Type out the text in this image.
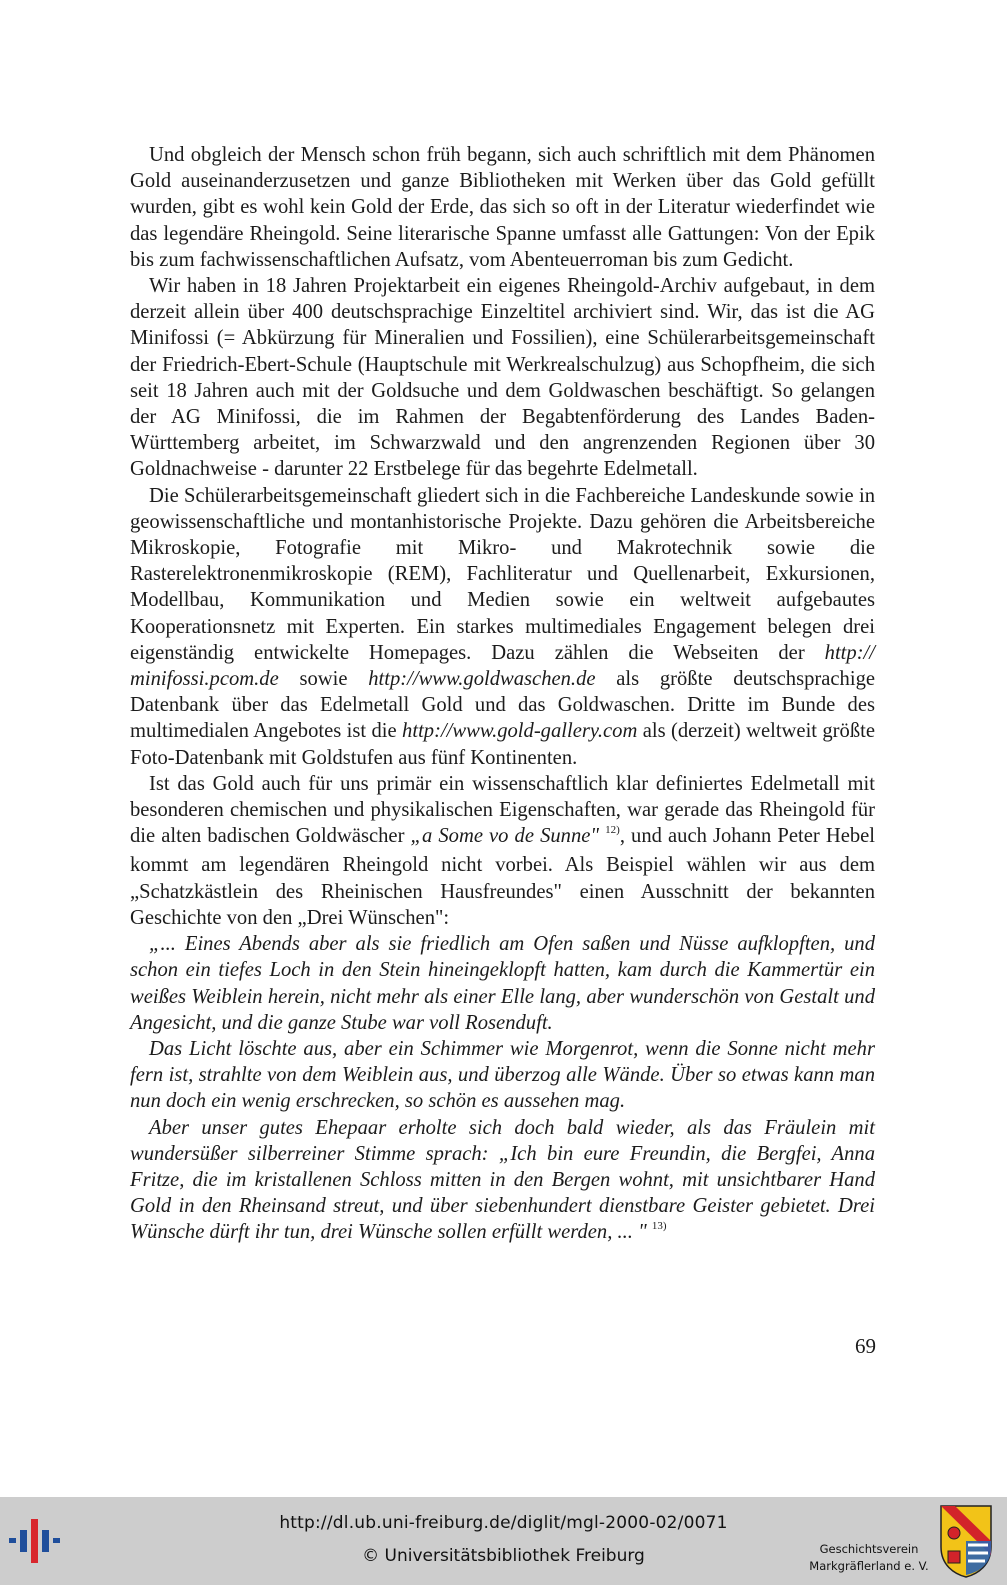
Und obgleich der Mensch schon früh begann, sich auch schriftlich mit dem Phänomen Gold auseinanderzusetzen und ganze Bibliotheken mit Werken über das Gold gefüllt wurden, gibt es wohl kein Gold der Erde, das sich so oft in der Literatur wiederfindet wie das legendäre Rheingold. Seine literarische Spanne umfasst alle Gattungen: Von der Epik bis zum fachwissenschaftlichen Aufsatz, vom Abenteuerroman bis zum Gedicht.

Wir haben in 18 Jahren Projektarbeit ein eigenes Rheingold-Archiv aufgebaut, in dem derzeit allein über 400 deutschsprachige Einzeltitel archiviert sind. Wir, das ist die AG Minifossi (= Abkürzung für Mineralien und Fossilien), eine Schülerarbeitsgemeinschaft der Friedrich-Ebert-Schule (Hauptschule mit Werkrealschulzug) aus Schopfheim, die sich seit 18 Jahren auch mit der Goldsuche und dem Goldwaschen beschäftigt. So gelangen der AG Minifossi, die im Rahmen der Begabtenförderung des Landes Baden-Württemberg arbeitet, im Schwarzwald und den angrenzenden Regionen über 30 Goldnachweise - darunter 22 Erstbelege für das begehrte Edelmetall.

Die Schülerarbeitsgemeinschaft gliedert sich in die Fachbereiche Landeskunde sowie in geowissenschaftliche und montanhistorische Projekte. Dazu gehören die Arbeitsbereiche Mikroskopie, Fotografie mit Mikro- und Makrotechnik sowie die Rasterelektronenmikroskopie (REM), Fachliteratur und Quellenarbeit, Exkursionen, Modellbau, Kommunikation und Medien sowie ein weltweit aufgebautes Kooperationsnetz mit Experten. Ein starkes multimediales Engagement belegen drei eigenständig entwickelte Homepages. Dazu zählen die Webseiten der http:// minifossi.pcom.de sowie http://www.goldwaschen.de als größte deutschsprachige Datenbank über das Edelmetall Gold und das Goldwaschen. Dritte im Bunde des multimedialen Angebotes ist die http://www.gold-gallery.com als (derzeit) weltweit größte Foto-Datenbank mit Goldstufen aus fünf Kontinenten.

Ist das Gold auch für uns primär ein wissenschaftlich klar definiertes Edelmetall mit besonderen chemischen und physikalischen Eigenschaften, war gerade das Rheingold für die alten badischen Goldwäscher „a Some vo de Sunne" $^{12)}$, und auch Johann Peter Hebel kommt am legendären Rheingold nicht vorbei. Als Beispiel wählen wir aus dem „Schatzkästlein des Rheinischen Hausfreundes" einen Ausschnitt der bekannten Geschichte von den „Drei Wünschen":

„... Eines Abends aber als sie friedlich am Ofen saßen und Nüsse aufklopften, und schon ein tiefes Loch in den Stein hineingeklopft hatten, kam durch die Kammertür ein weißes Weiblein herein, nicht mehr als einer Elle lang, aber wunderschön von Gestalt und Angesicht, und die ganze Stube war voll Rosenduft.

Das Licht löschte aus, aber ein Schimmer wie Morgenrot, wenn die Sonne nicht mehr fern ist, strahlte von dem Weiblein aus, und überzog alle Wände. Über so etwas kann man nun doch ein wenig erschrecken, so schön es aussehen mag.

Aber unser gutes Ehepaar erholte sich doch bald wieder, als das Fräulein mit wundersüßer silberreiner Stimme sprach: „Ich bin eure Freundin, die Bergfei, Anna Fritze, die im kristallenen Schloss mitten in den Bergen wohnt, mit unsichtbarer Hand Gold in den Rheinsand streut, und über siebenhundert dienstbare Geister gebietet. Drei Wünsche dürft ihr tun, drei Wünsche sollen erfüllt werden, ... " $^{13)}$

69
http://dl.ub.uni-freiburg.de/diglit/mgl-2000-02/0071
© Universitätsbibliothek Freiburg	Geschichtsverein
Markgräflerland e. V.
